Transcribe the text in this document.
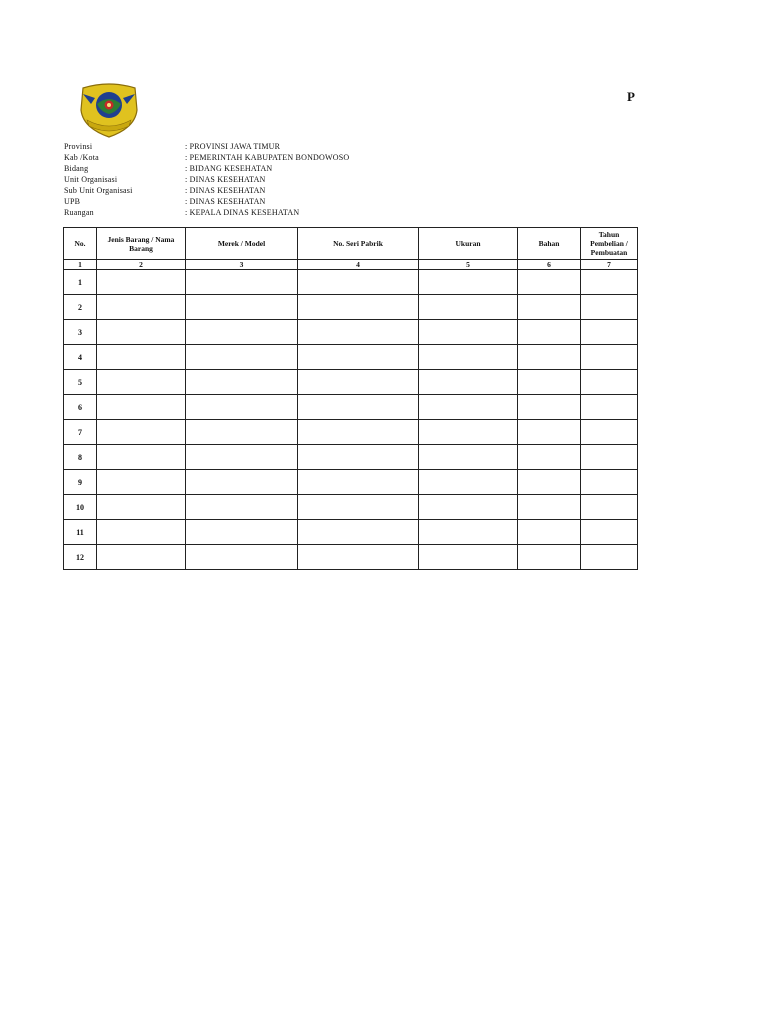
P
Provinsi	: PROVINSI JAWA TIMUR
Kab /Kota	: PEMERINTAH KABUPATEN BONDOWOSO
Bidang	: BIDANG KESEHATAN
Unit Organisasi	: DINAS KESEHATAN
Sub Unit Organisasi	: DINAS KESEHATAN
UPB	: DINAS KESEHATAN
Ruangan	: KEPALA DINAS KESEHATAN
No.	Jenis Barang / Nama Barang	Merek / Model	No. Seri Pabrik	Ukuran	Bahan	Tahun Pembelian / Pembuatan
1	2	3	4	5	6	7
1						
2						
3						
4						
5						
6						
7						
8						
9						
10						
11						
12						
